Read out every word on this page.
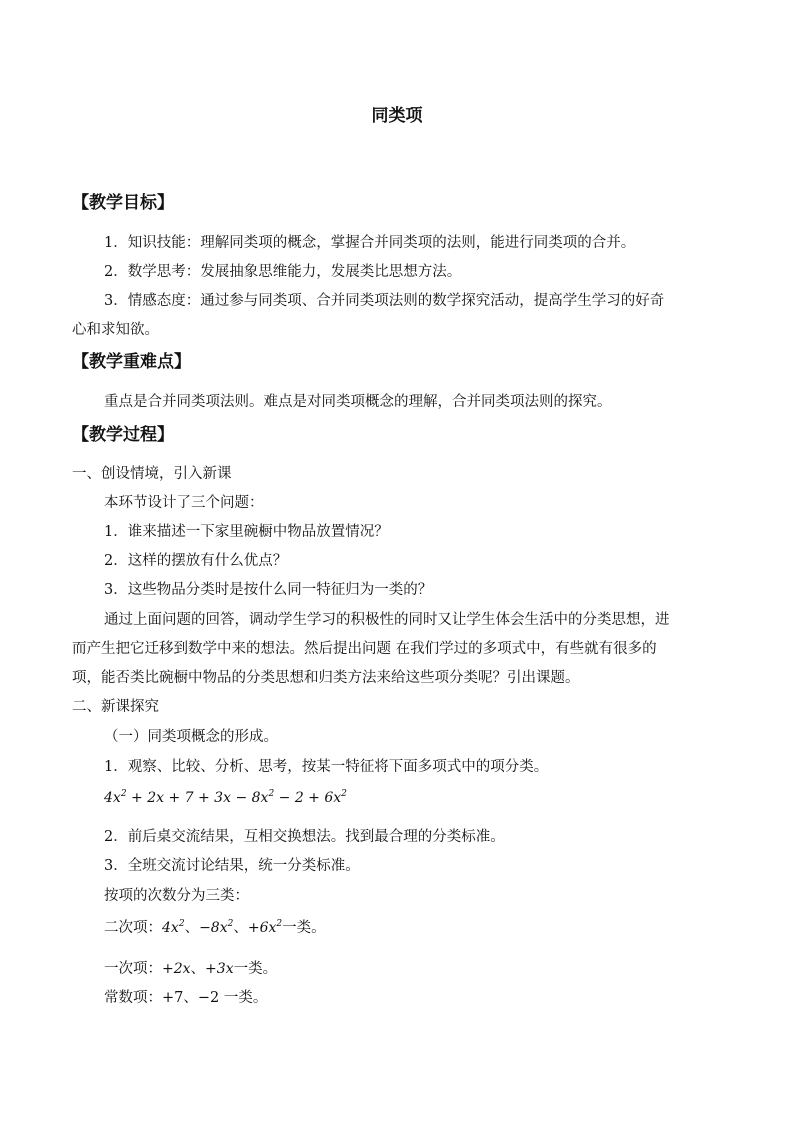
同类项
【教学目标】
1．知识技能：理解同类项的概念，掌握合并同类项的法则，能进行同类项的合并。
2．数学思考：发展抽象思维能力，发展类比思想方法。
3．情感态度：通过参与同类项、合并同类项法则的数学探究活动，提高学生学习的好奇
心和求知欲。
【教学重难点】
重点是合并同类项法则。难点是对同类项概念的理解，合并同类项法则的探究。
【教学过程】
一、创设情境，引入新课
本环节设计了三个问题：
1．谁来描述一下家里碗橱中物品放置情况？
2．这样的摆放有什么优点？
3．这些物品分类时是按什么同一特征归为一类的？
通过上面问题的回答，调动学生学习的积极性的同时又让学生体会生活中的分类思想，进
而产生把它迁移到数学中来的想法。然后提出问题 在我们学过的多项式中，有些就有很多的
项，能否类比碗橱中物品的分类思想和归类方法来给这些项分类呢？引出课题。
二、新课探究
（一）同类项概念的形成。
1．观察、比较、分析、思考，按某一特征将下面多项式中的项分类。
$4x^2 + 2x + 7 + 3x - 8x^2 - 2 + 6x^2$
2．前后桌交流结果，互相交换想法。找到最合理的分类标准。
3．全班交流讨论结果，统一分类标准。
按项的次数分为三类：
二次项：$4x^2$、$-8x^2$、$+6x^2$一类。
一次项：+2x、+3x一类。
常数项：+7、−2 一类。
